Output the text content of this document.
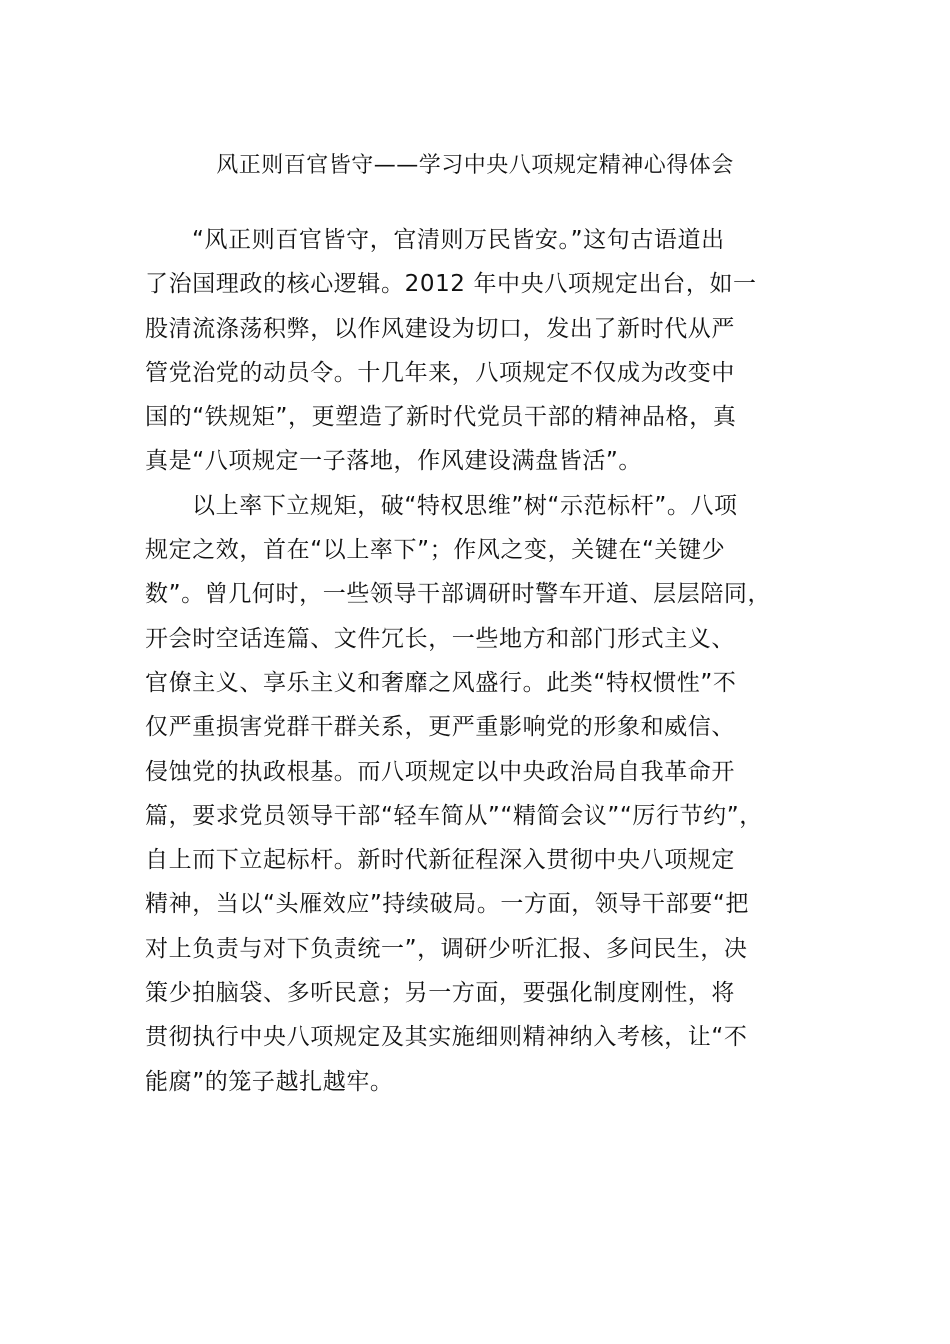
风正则百官皆守——学习中央八项规定精神心得体会
“风正则百官皆守，官清则万民皆安。”这句古语道出
了治国理政的核心逻辑。2012 年中央八项规定出台，如一
股清流涤荡积弊，以作风建设为切口，发出了新时代从严
管党治党的动员令。十几年来，八项规定不仅成为改变中
国的“铁规矩”，更塑造了新时代党员干部的精神品格，真
真是“八项规定一子落地，作风建设满盘皆活”。
以上率下立规矩，破“特权思维”树“示范标杆”。八项
规定之效，首在“以上率下”；作风之变，关键在“关键少
数”。曾几何时，一些领导干部调研时警车开道、层层陪同，
开会时空话连篇、文件冗长，一些地方和部门形式主义、
官僚主义、享乐主义和奢靡之风盛行。此类“特权惯性”不
仅严重损害党群干群关系，更严重影响党的形象和威信、
侵蚀党的执政根基。而八项规定以中央政治局自我革命开
篇，要求党员领导干部“轻车简从”“精简会议”“厉行节约”，
自上而下立起标杆。新时代新征程深入贯彻中央八项规定
精神，当以“头雁效应”持续破局。一方面，领导干部要“把
对上负责与对下负责统一”，调研少听汇报、多问民生，决
策少拍脑袋、多听民意；另一方面，要强化制度刚性，将
贯彻执行中央八项规定及其实施细则精神纳入考核，让“不
能腐”的笼子越扎越牢。
